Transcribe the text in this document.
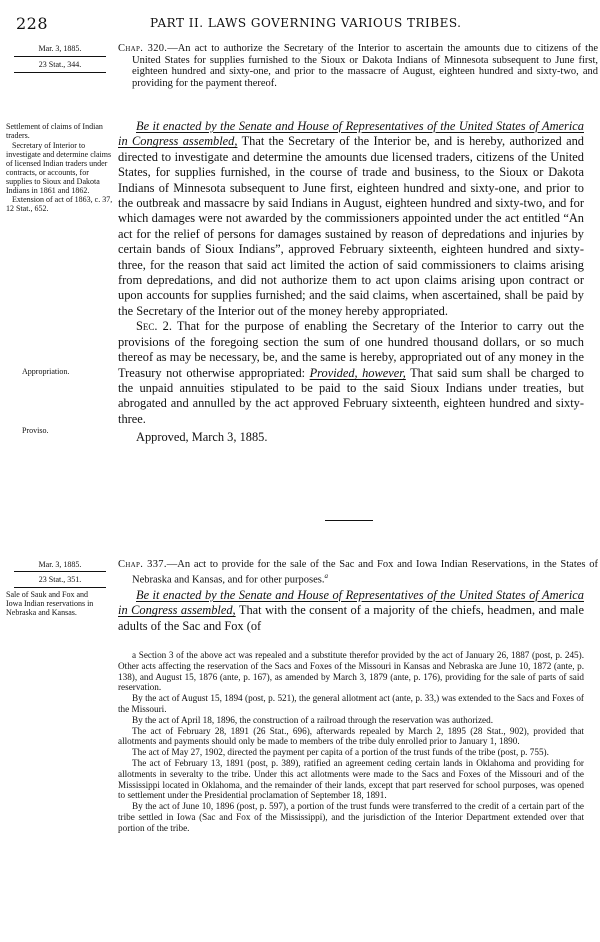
228	PART II. LAWS GOVERNING VARIOUS TRIBES.
Mar. 3, 1885.
23 Stat., 344.
Chap. 320.—An act to authorize the Secretary of the Interior to ascertain the amounts due to citizens of the United States for supplies furnished to the Sioux or Dakota Indians of Minnesota subsequent to June first, eighteen hundred and sixty-one, and prior to the massacre of August, eighteen hundred and sixty-two, and providing for the payment thereof.
Settlement of claims of Indian traders.
Secretary of Interior to investigate and determine claims of licensed Indian traders under contracts, or accounts, for supplies to Sioux and Dakota Indians in 1861 and 1862.
Extension of act of 1863, c. 37, 12 Stat., 652.

Be it enacted by the Senate and House of Representatives of the United States of America in Congress assembled, That the Secretary of the Interior be, and is hereby, authorized and directed to investigate and determine the amounts due licensed traders, citizens of the United States, for supplies furnished, in the course of trade and business, to the Sioux or Dakota Indians of Minnesota subsequent to June first, eighteen hundred and sixty-one, and prior to the outbreak and massacre by said Indians in August, eighteen hundred and sixty-two, and for which damages were not awarded by the commissioners appointed under the act entitled “An act for the relief of persons for damages sustained by reason of depredations and injuries by certain bands of Sioux Indians”, approved February sixteenth, eighteen hundred and sixty-three, for the reason that said act limited the action of said commissioners to claims arising from depredations, and did not authorize them to act upon claims arising upon contract or upon accounts for supplies furnished; and the said claims, when ascertained, shall be paid by the Secretary of the Interior out of the money hereby appropriated.

Sec. 2. That for the purpose of enabling the Secretary of the Interior to carry out the provisions of the foregoing section the sum of one hundred thousand dollars, or so much thereof as may be necessary, be, and the same is hereby, appropriated out of any money in the Treasury not otherwise appropriated: Provided, however, That said sum shall be charged to the unpaid annuities stipulated to be paid to the said Sioux Indians under treaties, but abrogated and annulled by the act approved February sixteenth, eighteen hundred and sixty-three.

Approved, March 3, 1885.

Appropriation.
Proviso.
Mar. 3, 1885.
23 Stat., 351.
Sale of Sauk and Fox and Iowa Indian reservations in Nebraska and Kansas.
Chap. 337.—An act to provide for the sale of the Sac and Fox and Iowa Indian Reservations, in the States of Nebraska and Kansas, and for other purposes.$^a$

Be it enacted by the Senate and House of Representatives of the United States of America in Congress assembled, That with the consent of a majority of the chiefs, headmen, and male adults of the Sac and Fox (of

a Section 3 of the above act was repealed and a substitute therefor provided by the act of January 26, 1887 (post, p. 245). Other acts affecting the reservation of the Sacs and Foxes of the Missouri in Kansas and Nebraska are June 10, 1872 (ante, p. 138), and August 15, 1876 (ante, p. 167), as amended by March 3, 1879 (ante, p. 176), providing for the sale of parts of said reservation.

By the act of August 15, 1894 (post, p. 521), the general allotment act (ante, p. 33,) was extended to the Sacs and Foxes of the Missouri.

By the act of April 18, 1896, the construction of a railroad through the reservation was authorized.

The act of February 28, 1891 (26 Stat., 696), afterwards repealed by March 2, 1895 (28 Stat., 902), provided that allotments and payments should only be made to members of the tribe duly enrolled prior to January 1, 1890.

The act of May 27, 1902, directed the payment per capita of a portion of the trust funds of the tribe (post, p. 755).

The act of February 13, 1891 (post, p. 389), ratified an agreement ceding certain lands in Oklahoma and providing for allotments in severalty to the tribe. Under this act allotments were made to the Sacs and Foxes of the Missouri and of the Mississippi located in Oklahoma, and the remainder of their lands, except that part reserved for school purposes, was opened to settlement under the Presidential proclamation of September 18, 1891.

By the act of June 10, 1896 (post, p. 597), a portion of the trust funds were transferred to the credit of a certain part of the tribe settled in Iowa (Sac and Fox of the Mississippi), and the jurisdiction of the Interior Department extended over that portion of the tribe.
